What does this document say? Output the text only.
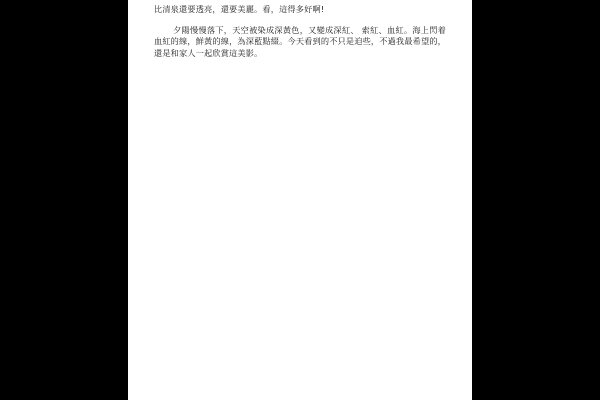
比清泉還要透亮，還要美麗。看，這得多好啊!

夕陽慢慢落下，天空被染成深黃色，又變成深紅、 索紅、血紅。海上閃着血紅的線，鮮黃的線，為深藍點綴。今天看到的不只是迫些，不過我最希望的，還是和家人一起欣賞這美影。
